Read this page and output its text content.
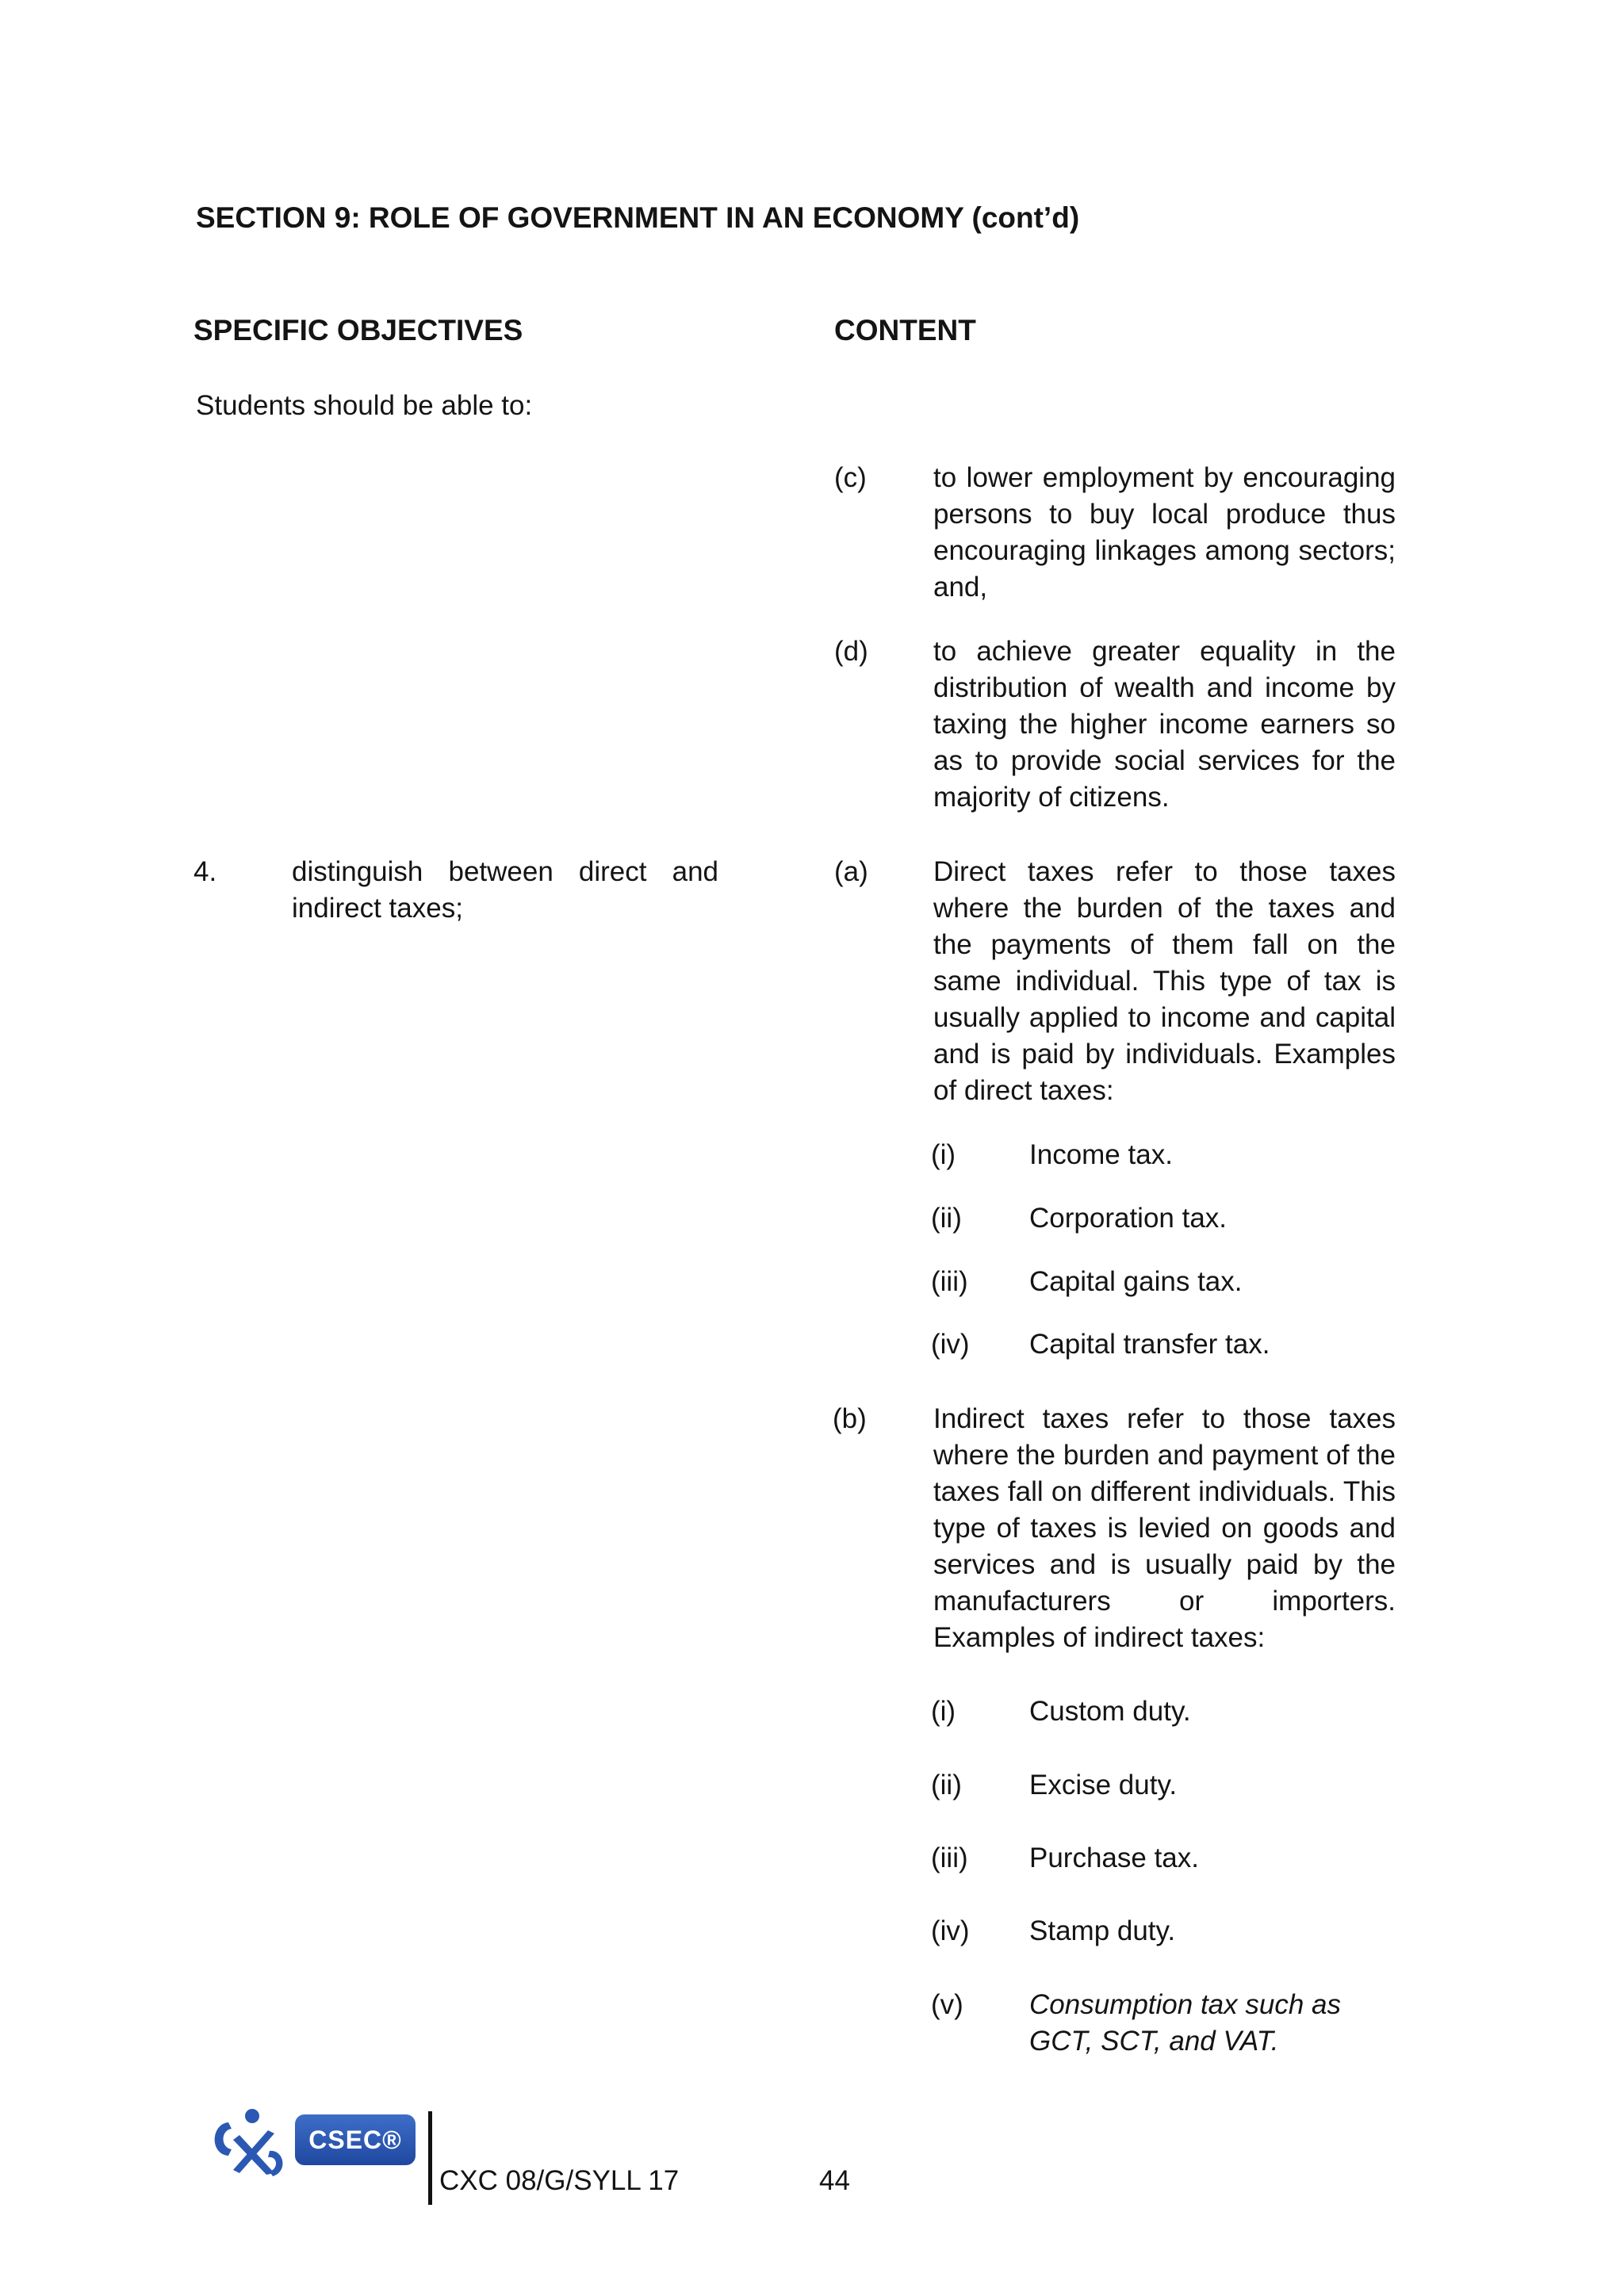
SECTION 9: ROLE OF GOVERNMENT IN AN ECONOMY (cont’d)
SPECIFIC OBJECTIVES	CONTENT
Students should be able to:
(c) to lower employment by encouraging persons to buy local produce thus encouraging linkages among sectors; and,
(d) to achieve greater equality in the distribution of wealth and income by taxing the higher income earners so as to provide social services for the majority of citizens.
4.	distinguish between direct and indirect taxes;
(a) Direct taxes refer to those taxes where the burden of the taxes and the payments of them fall on the same individual. This type of tax is usually applied to income and capital and is paid by individuals. Examples of direct taxes:
(i)	Income tax.
(ii) Corporation tax.
(iii) Capital gains tax.
(iv) Capital transfer tax.
(b) Indirect taxes refer to those taxes where the burden and payment of the taxes fall on different individuals. This type of taxes is levied on goods and services and is usually paid by the manufacturers or importers. Examples of indirect taxes:
(i)	Custom duty.
(ii) Excise duty.
(iii) Purchase tax.
(iv) Stamp duty.
(v) Consumption tax such as GCT, SCT, and VAT.
CSEC®
CXC 08/G/SYLL 17	44
